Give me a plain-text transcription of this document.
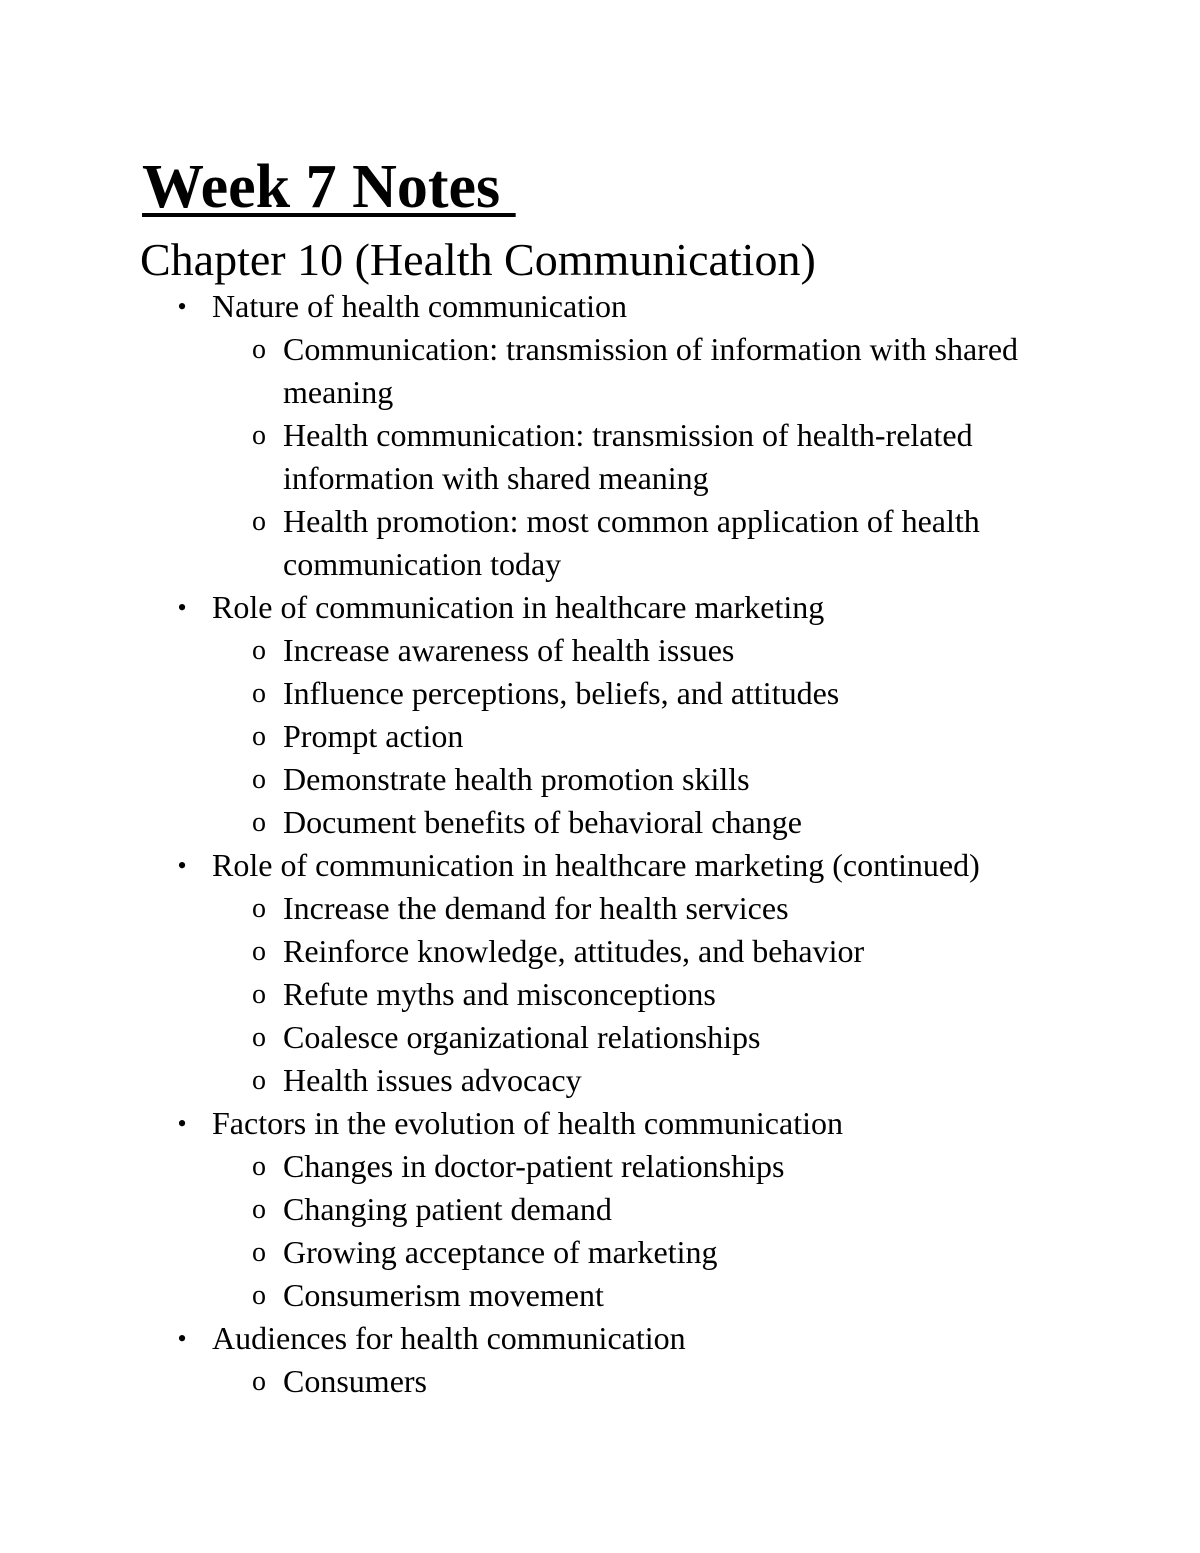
Week 7 Notes
Chapter 10 (Health Communication)
• Nature of health communication
o Communication: transmission of information with shared meaning
o Health communication: transmission of health-related information with shared meaning
o Health promotion: most common application of health communication today
• Role of communication in healthcare marketing
o Increase awareness of health issues
o Influence perceptions, beliefs, and attitudes
o Prompt action
o Demonstrate health promotion skills
o Document benefits of behavioral change
• Role of communication in healthcare marketing (continued)
o Increase the demand for health services
o Reinforce knowledge, attitudes, and behavior
o Refute myths and misconceptions
o Coalesce organizational relationships
o Health issues advocacy
• Factors in the evolution of health communication
o Changes in doctor-patient relationships
o Changing patient demand
o Growing acceptance of marketing
o Consumerism movement
• Audiences for health communication
o Consumers
